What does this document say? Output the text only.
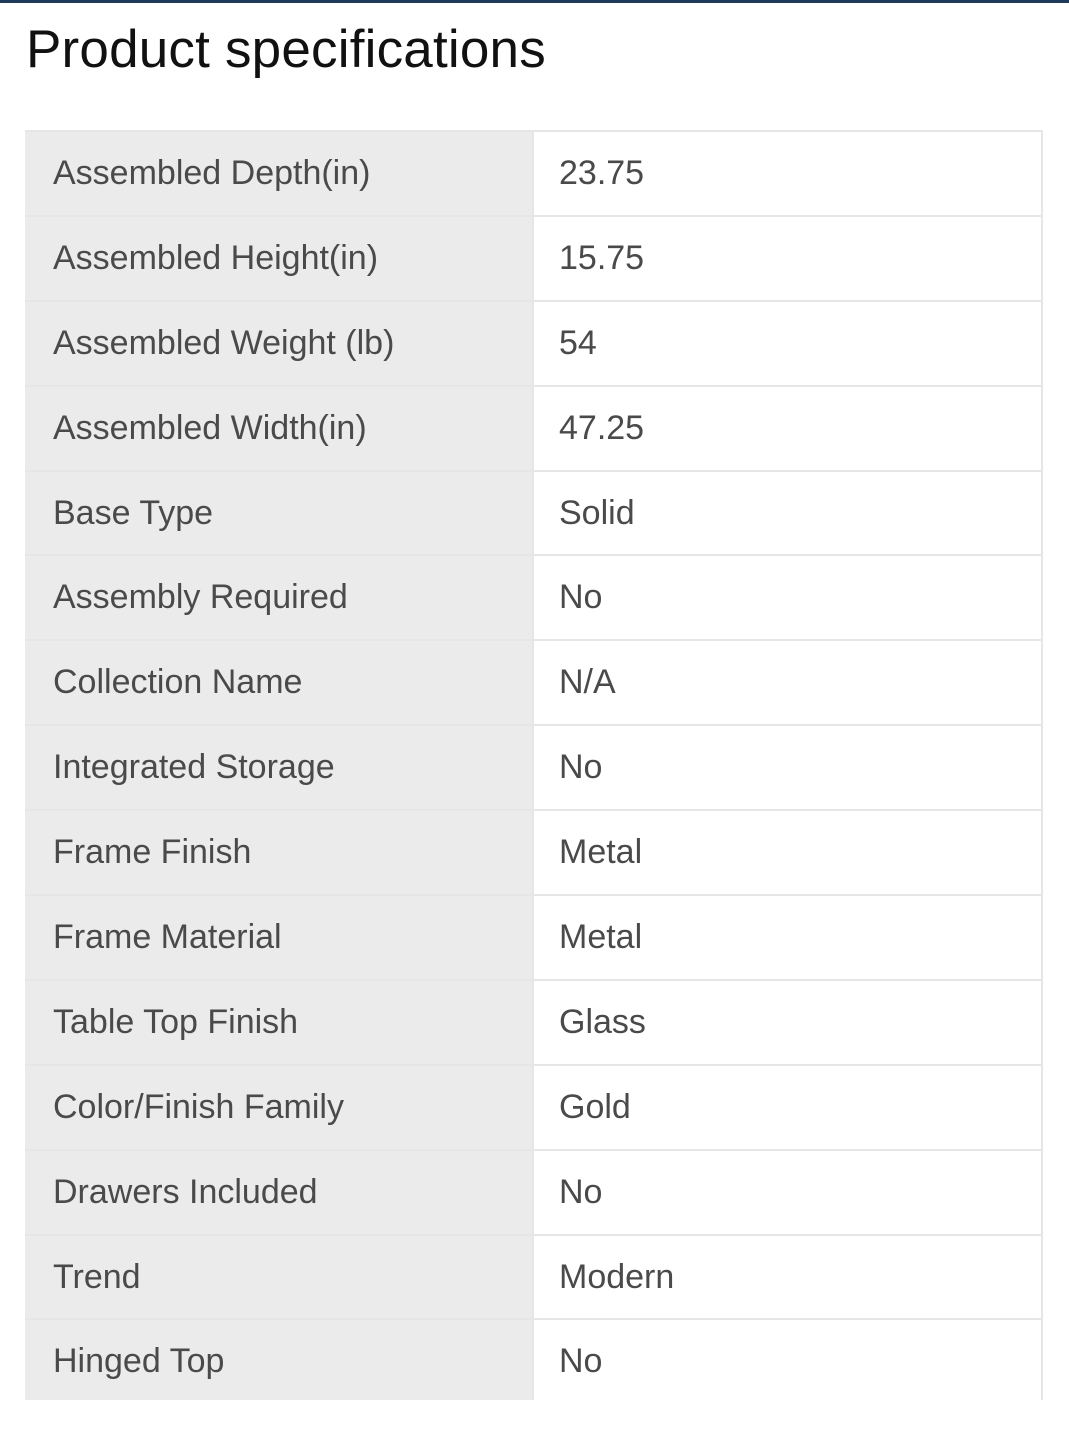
Product specifications
Assembled Depth(in)	23.75
Assembled Height(in)	15.75
Assembled Weight (lb)	54
Assembled Width(in)	47.25
Base Type	Solid
Assembly Required	No
Collection Name	N/A
Integrated Storage	No
Frame Finish	Metal
Frame Material	Metal
Table Top Finish	Glass
Color/Finish Family	Gold
Drawers Included	No
Trend	Modern
Hinged Top	No
